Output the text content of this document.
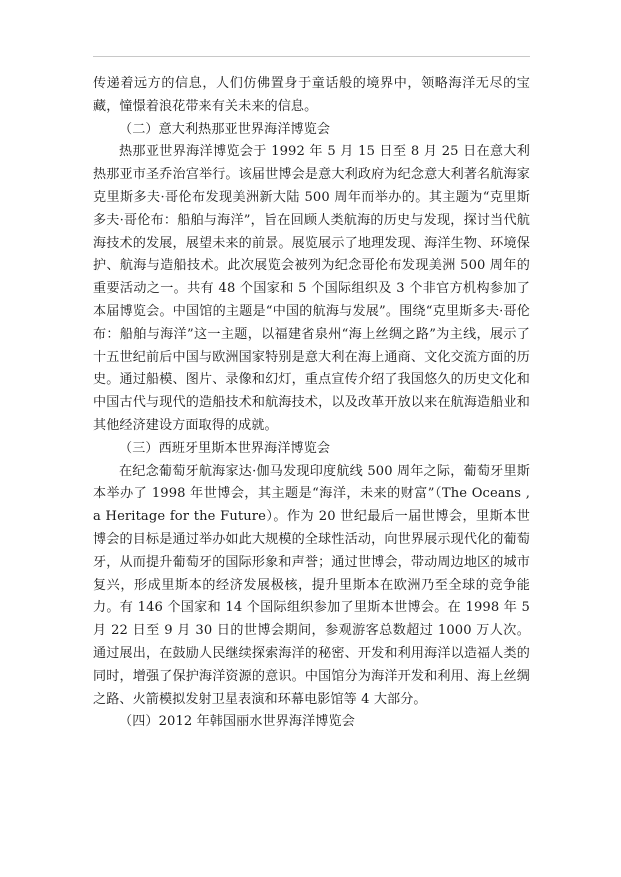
传递着远方的信息，人们仿佛置身于童话般的境界中，领略海洋无尽的宝藏，憧憬着浪花带来有关未来的信息。

（二）意大利热那亚世界海洋博览会

热那亚世界海洋博览会于 1992 年 5 月 15 日至 8 月 25 日在意大利热那亚市圣乔治宫举行。该届世博会是意大利政府为纪念意大利著名航海家克里斯多夫·哥伦布发现美洲新大陆 500 周年而举办的。其主题为“克里斯多夫·哥伦布：船舶与海洋”，旨在回顾人类航海的历史与发现，探讨当代航海技术的发展，展望未来的前景。展览展示了地理发现、海洋生物、环境保护、航海与造船技术。此次展览会被列为纪念哥伦布发现美洲 500 周年的重要活动之一。共有 48 个国家和 5 个国际组织及 3 个非官方机构参加了本届博览会。中国馆的主题是“中国的航海与发展”。围绕“克里斯多夫·哥伦布：船舶与海洋”这一主题，以福建省泉州“海上丝绸之路”为主线，展示了十五世纪前后中国与欧洲国家特别是意大利在海上通商、文化交流方面的历史。通过船模、图片、录像和幻灯，重点宣传介绍了我国悠久的历史文化和中国古代与现代的造船技术和航海技术，以及改革开放以来在航海造船业和其他经济建设方面取得的成就。

（三）西班牙里斯本世界海洋博览会

在纪念葡萄牙航海家达·伽马发现印度航线 500 周年之际，葡萄牙里斯本举办了 1998 年世博会，其主题是“海洋，未来的财富”（The Oceans , a Heritage for the Future）。作为 20 世纪最后一届世博会，里斯本世博会的目标是通过举办如此大规模的全球性活动，向世界展示现代化的葡萄牙，从而提升葡萄牙的国际形象和声誉；通过世博会，带动周边地区的城市复兴，形成里斯本的经济发展极核，提升里斯本在欧洲乃至全球的竞争能力。有 146 个国家和 14 个国际组织参加了里斯本世博会。在 1998 年 5 月 22 日至 9 月 30 日的世博会期间，参观游客总数超过 1000 万人次。通过展出，在鼓励人民继续探索海洋的秘密、开发和利用海洋以造福人类的同时，增强了保护海洋资源的意识。中国馆分为海洋开发和利用、海上丝绸之路、火箭模拟发射卫星表演和环幕电影馆等 4 大部分。

（四）2012 年韩国丽水世界海洋博览会
